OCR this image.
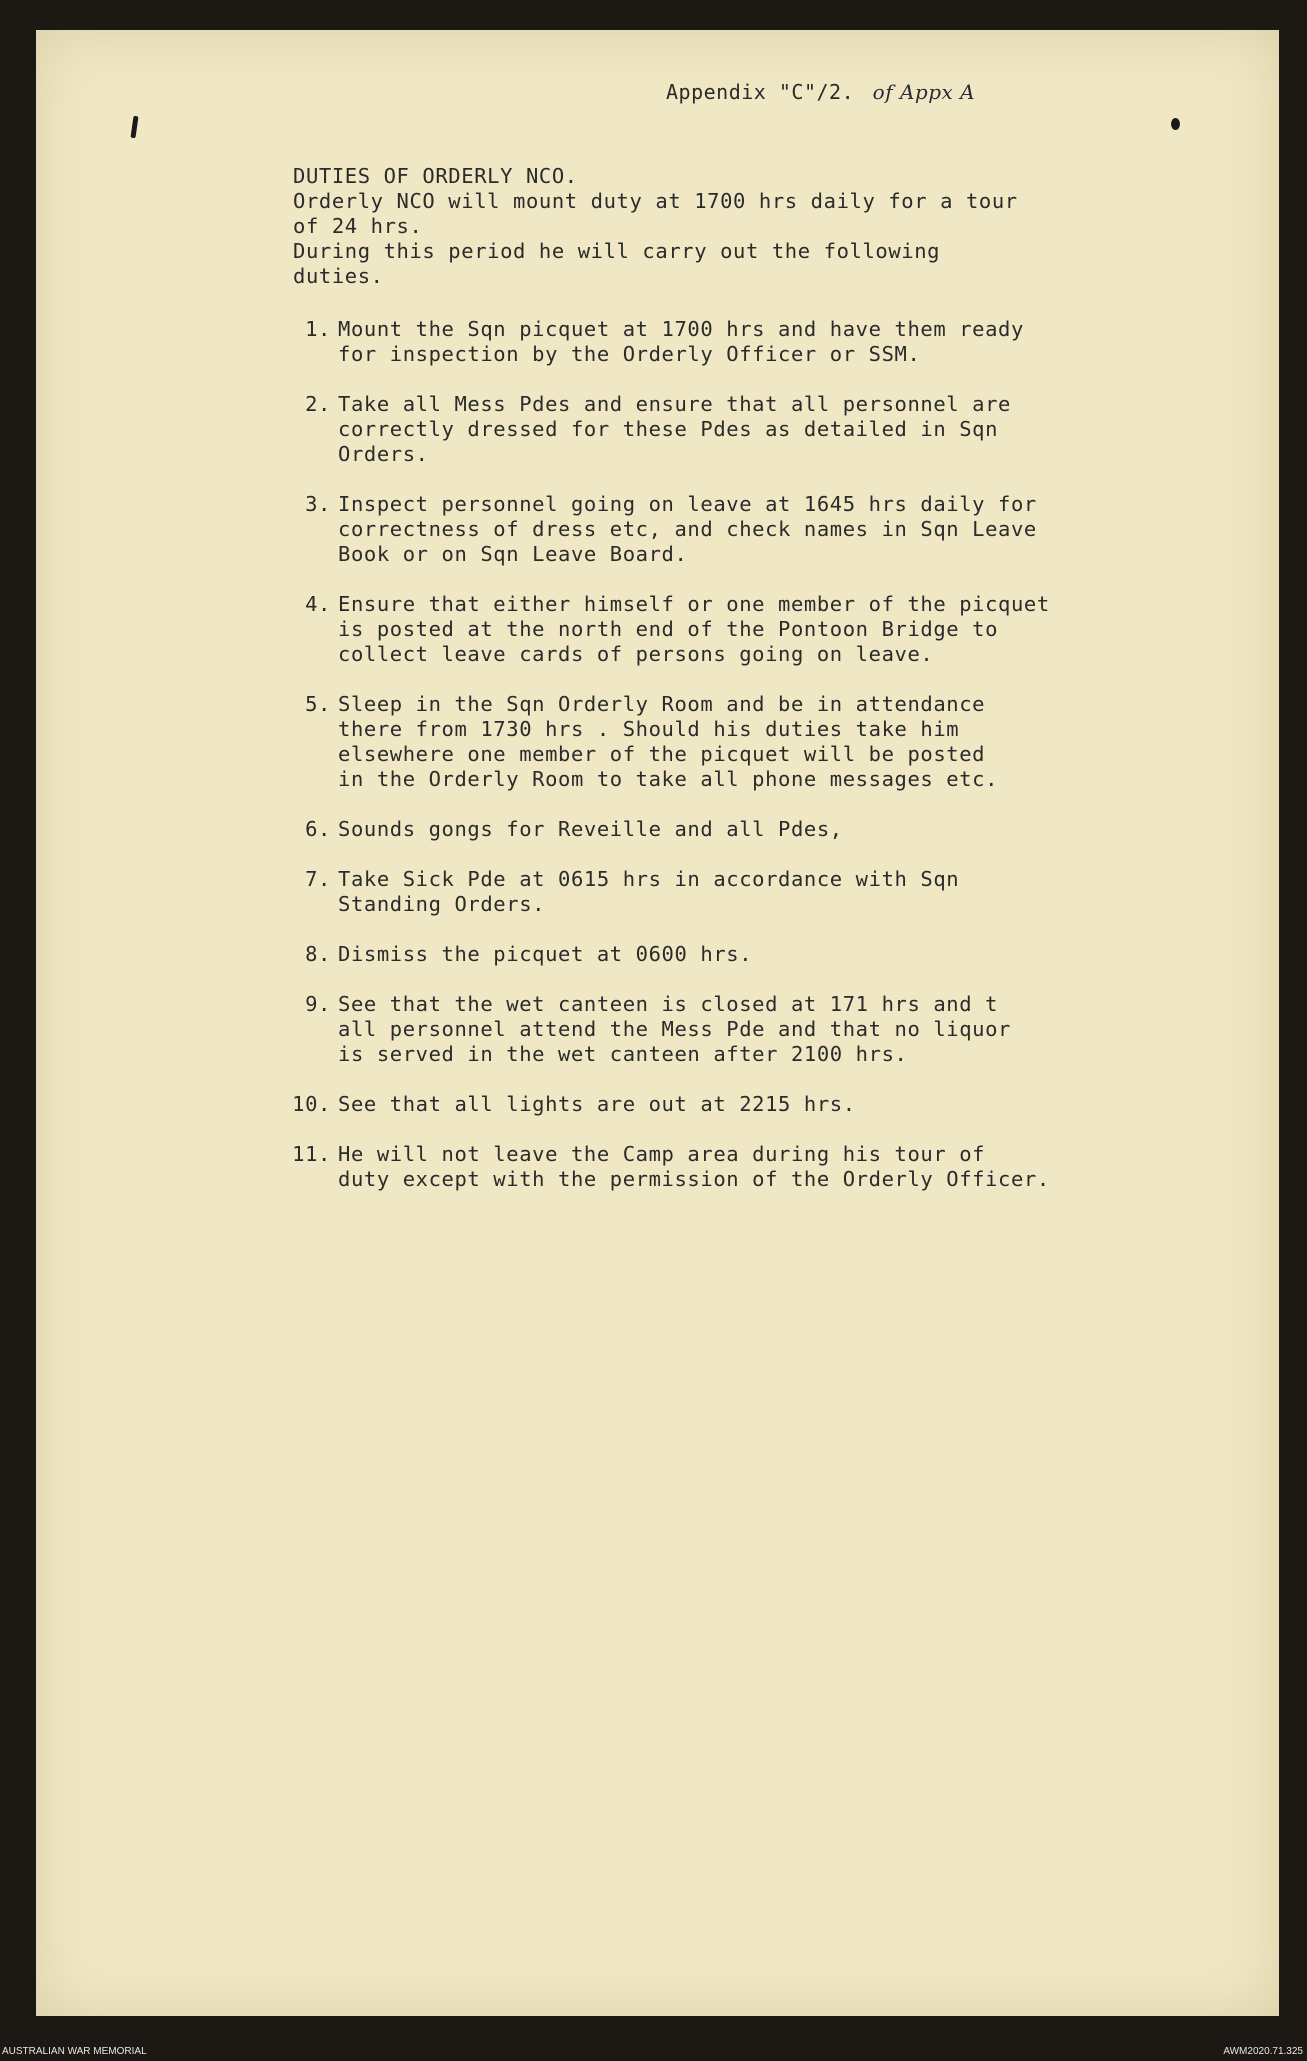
Appendix "C"/2. of Appx A
DUTIES OF ORDERLY NCO.
Orderly NCO will mount duty at 1700 hrs daily for a tour
of 24 hrs.
During this period he will carry out the following
duties.
1. Mount the Sqn picquet at 1700 hrs and have them ready
for inspection by the Orderly Officer or SSM.
2. Take all Mess Pdes and ensure that all personnel are
correctly dressed for these Pdes as detailed in Sqn
Orders.
3. Inspect personnel going on leave at 1645 hrs daily for
correctness of dress etc, and check names in Sqn Leave
Book or on Sqn Leave Board.
4. Ensure that either himself or one member of the picquet
is posted at the north end of the Pontoon Bridge to
collect leave cards of persons going on leave.
5. Sleep in the Sqn Orderly Room and be in attendance
there from 1730 hrs . Should his duties take him
elsewhere one member of the picquet will be posted
in the Orderly Room to take all phone messages etc.
6. Sounds gongs for Reveille and all Pdes,
7. Take Sick Pde at 0615 hrs in accordance with Sqn
Standing Orders.
8. Dismiss the picquet at 0600 hrs.
9. See that the wet canteen is closed at 171 hrs and t
all personnel attend the Mess Pde and that no liquor
is served in the wet canteen after 2100 hrs.
10. See that all lights are out at 2215 hrs.
11. He will not leave the Camp area during his tour of
duty except with the permission of the Orderly Officer.
AUSTRALIAN WAR MEMORIAL	AWM2020.71.325
